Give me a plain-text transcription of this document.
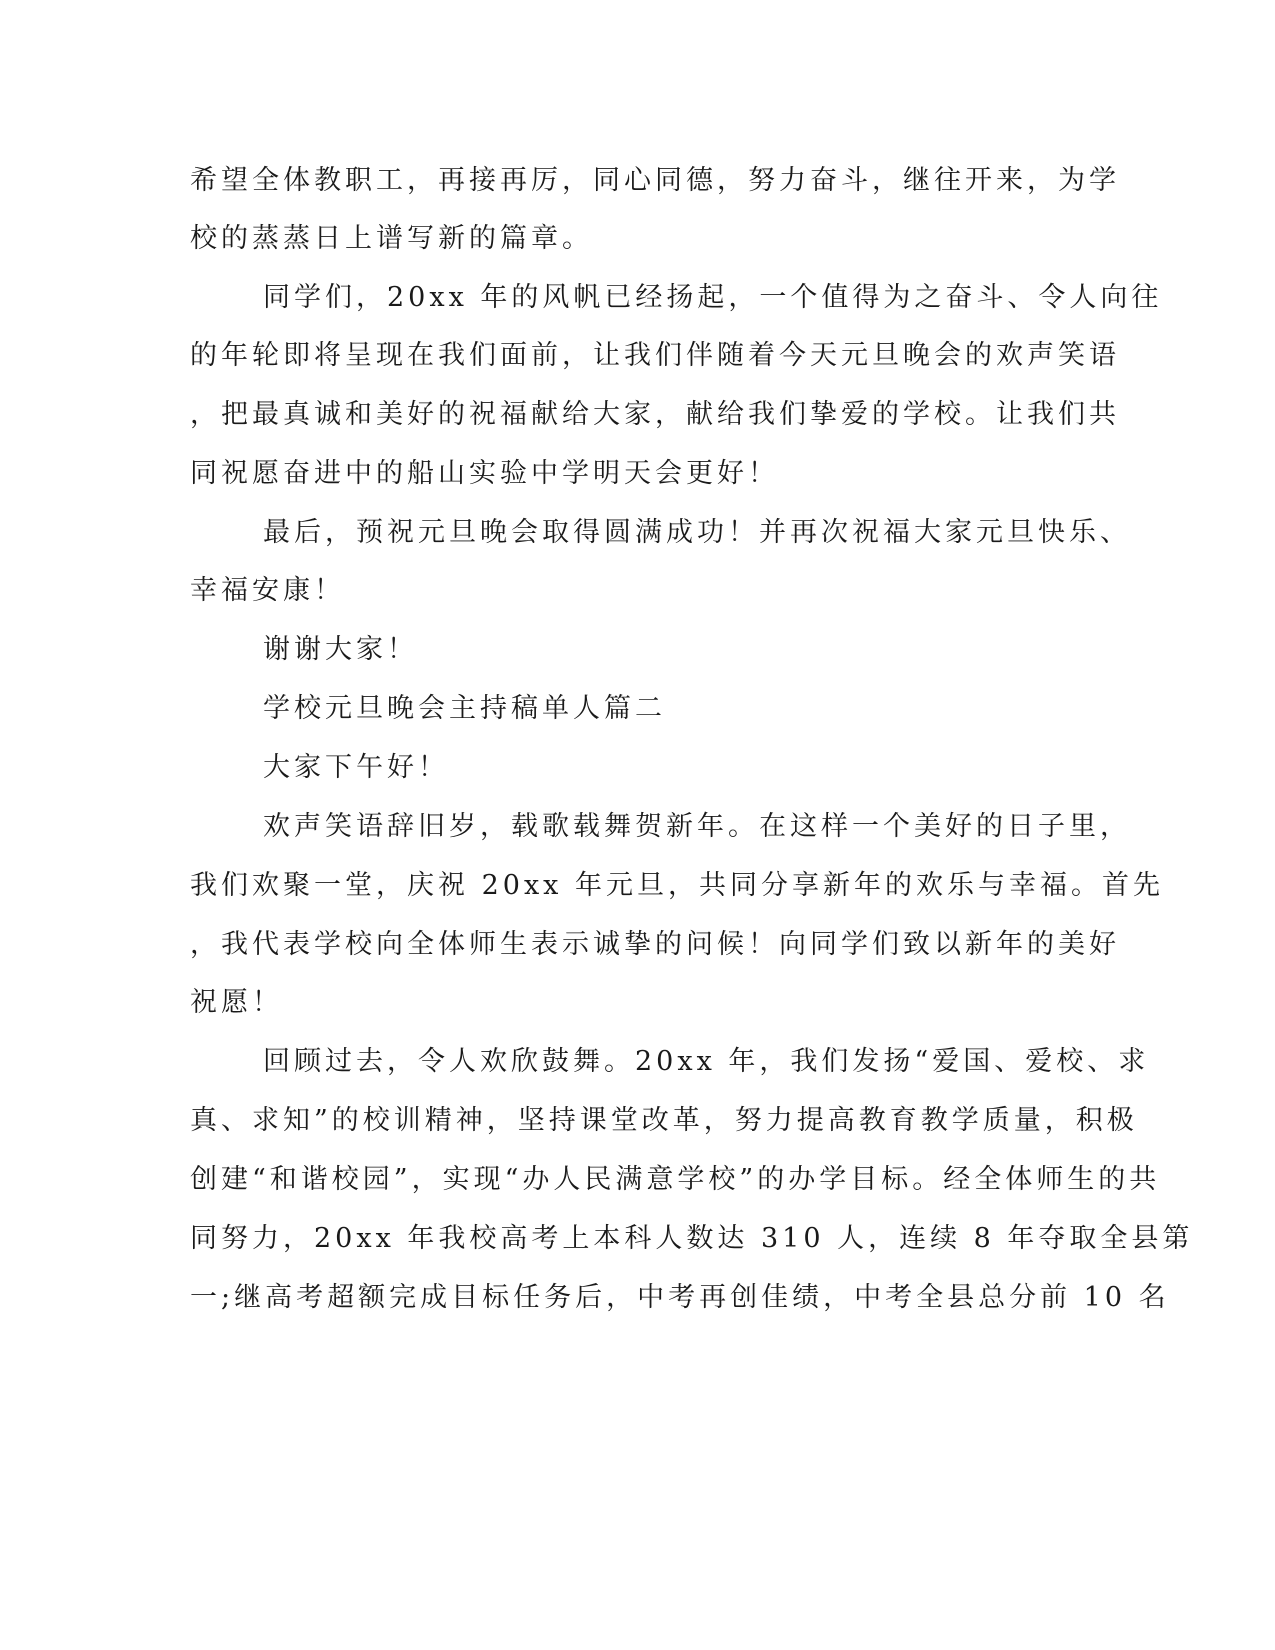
希望全体教职工，再接再厉，同心同德，努力奋斗，继往开来，为学
校的蒸蒸日上谱写新的篇章。
同学们，20xx 年的风帆已经扬起，一个值得为之奋斗、令人向往
的年轮即将呈现在我们面前，让我们伴随着今天元旦晚会的欢声笑语
，把最真诚和美好的祝福献给大家，献给我们挚爱的学校。让我们共
同祝愿奋进中的船山实验中学明天会更好！
最后，预祝元旦晚会取得圆满成功！并再次祝福大家元旦快乐、
幸福安康！
谢谢大家！
学校元旦晚会主持稿单人篇二
大家下午好！
欢声笑语辞旧岁，载歌载舞贺新年。在这样一个美好的日子里，
我们欢聚一堂，庆祝 20xx 年元旦，共同分享新年的欢乐与幸福。首先
，我代表学校向全体师生表示诚挚的问候！向同学们致以新年的美好
祝愿！
回顾过去，令人欢欣鼓舞。20xx 年，我们发扬“爱国、爱校、求
真、求知”的校训精神，坚持课堂改革，努力提高教育教学质量，积极
创建“和谐校园”，实现“办人民满意学校”的办学目标。经全体师生的共
同努力，20xx 年我校高考上本科人数达 310 人，连续 8 年夺取全县第
一;继高考超额完成目标任务后，中考再创佳绩，中考全县总分前 10 名
